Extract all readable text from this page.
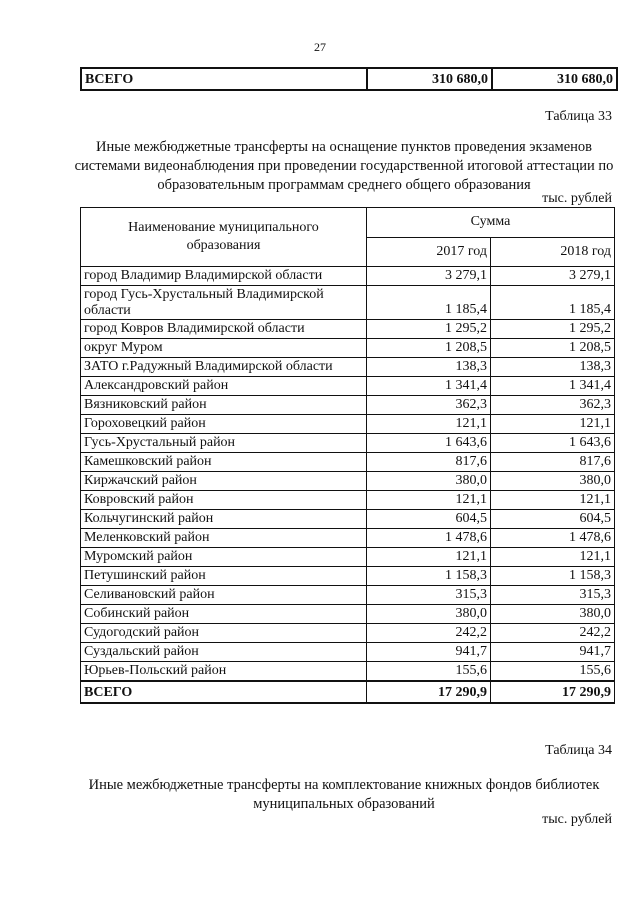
27
ВСЕГО	310 680,0	310 680,0
Таблица 33
Иные межбюджетные трансферты на оснащение пунктов проведения экзаменов системами видеонаблюдения при проведении государственной итоговой аттестации по образовательным программам среднего общего образования
тыс. рублей
Наименование муниципального образования	Сумма	
	2017 год	2018 год
город Владимир Владимирской области	3 279,1	3 279,1
город Гусь-Хрустальный Владимирской области	1 185,4	1 185,4
город Ковров Владимирской области	1 295,2	1 295,2
округ Муром	1 208,5	1 208,5
ЗАТО г.Радужный Владимирской области	138,3	138,3
Александровский район	1 341,4	1 341,4
Вязниковский район	362,3	362,3
Гороховецкий район	121,1	121,1
Гусь-Хрустальный район	1 643,6	1 643,6
Камешковский район	817,6	817,6
Киржачский район	380,0	380,0
Ковровский район	121,1	121,1
Кольчугинский район	604,5	604,5
Меленковский район	1 478,6	1 478,6
Муромский район	121,1	121,1
Петушинский район	1 158,3	1 158,3
Селивановский район	315,3	315,3
Собинский район	380,0	380,0
Судогодский район	242,2	242,2
Суздальский район	941,7	941,7
Юрьев-Польский район	155,6	155,6
ВСЕГО	17 290,9	17 290,9
Таблица 34
Иные межбюджетные трансферты на комплектование книжных фондов библиотек муниципальных образований
тыс. рублей
